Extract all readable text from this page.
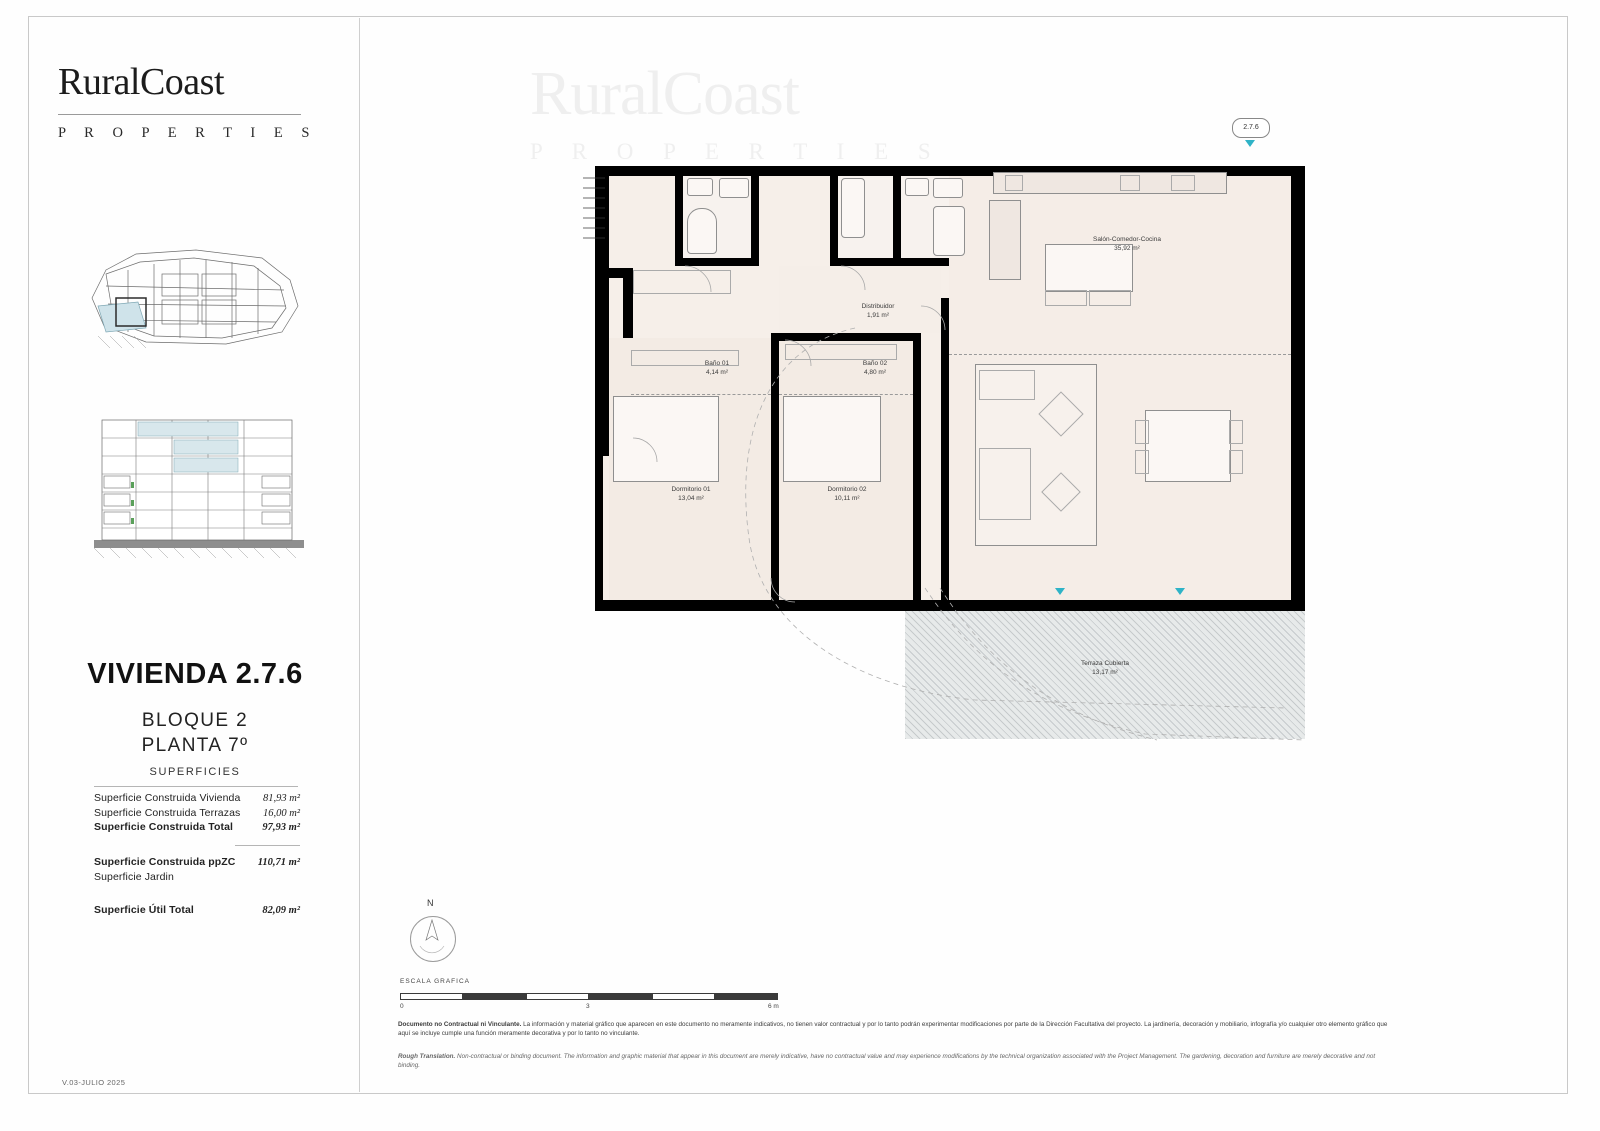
RuralCoast
P R O P E R T I E S
VIVIENDA 2.7.6
BLOQUE 2
PLANTA 7º
SUPERFICIES
Superficie Construida Vivienda 81,93 m²
Superficie Construida Terrazas 16,00 m²
Superficie Construida Total	97,93 m²
Superficie Construida ppZC 110,71 m²
Superficie Jardin
Superficie Útil Total	82,09 m²
V.03-JULIO 2025
RuralCoast
P R O P E R T I E S
2.7.6
Baño 01
4,14 m²
Baño 02
4,80 m²
Distribuidor
1,91 m²
Salón-Comedor-Cocina
35,92 m²
Dormitorio 01
13,04 m²
Dormitorio 02
10,11 m²
Terraza Cubierta
13,17 m²
N
ESCALA GRAFICA
0	3	6 m
Documento no Contractual ni Vinculante. La información y material gráfico que aparecen en este documento no meramente indicativos, no tienen valor contractual y por lo tanto podrán experimentar modificaciones por parte de la Dirección Facultativa del proyecto. La jardinería, decoración y mobiliario, infografía y/o cualquier otro elemento gráfico que aquí se incluye cumple una función meramente decorativa y por lo tanto no vinculante.
Rough Translation. Non-contractual or binding document. The information and graphic material that appear in this document are merely indicative, have no contractual value and may experience modifications by the technical organization associated with the Project Management. The gardening, decoration and furniture are merely decorative and not binding.
